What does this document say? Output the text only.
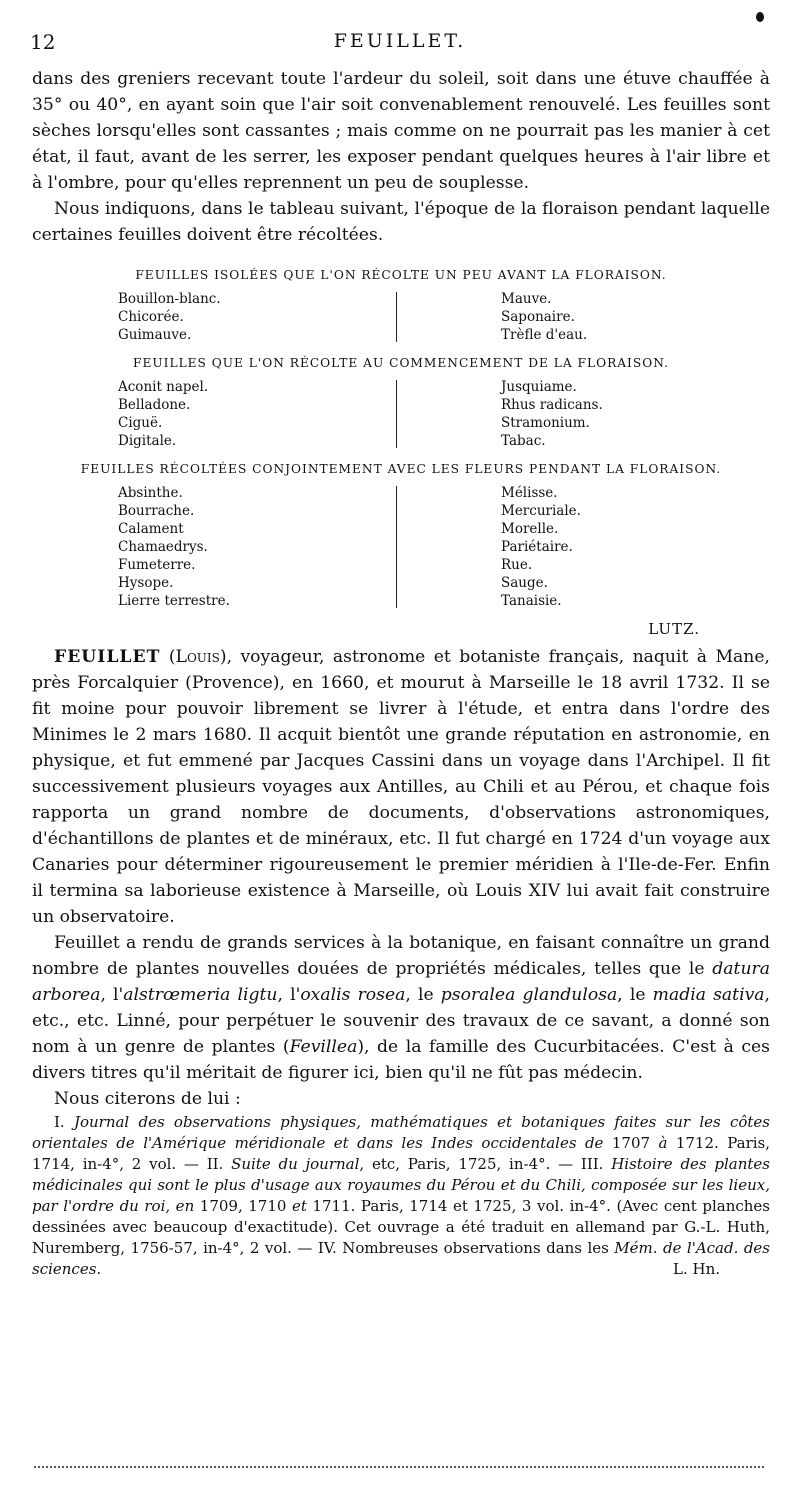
12	FEUILLET.

dans des greniers recevant toute l'ardeur du soleil, soit dans une étuve chauffée à 35° ou 40°, en ayant soin que l'air soit convenablement renouvelé. Les feuilles sont sèches lorsqu'elles sont cassantes ; mais comme on ne pourrait pas les manier à cet état, il faut, avant de les serrer, les exposer pendant quelques heures à l'air libre et à l'ombre, pour qu'elles reprennent un peu de souplesse.

Nous indiquons, dans le tableau suivant, l'époque de la floraison pendant laquelle certaines feuilles doivent être récoltées.

FEUILLES ISOLÉES QUE L'ON RÉCOLTE UN PEU AVANT LA FLORAISON.
Bouillon-blanc.
Chicorée.
Guimauve.
Mauve.
Saponaire.
Trèfle d'eau.
FEUILLES QUE L'ON RÉCOLTE AU COMMENCEMENT DE LA FLORAISON.
Aconit napel.
Belladone.
Ciguë.
Digitale.
Jusquiame.
Rhus radicans.
Stramonium.
Tabac.
FEUILLES RÉCOLTÉES CONJOINTEMENT AVEC LES FLEURS PENDANT LA FLORAISON.
Absinthe.
Bourrache.
Calament
Chamaedrys.
Fumeterre.
Hysope.
Lierre terrestre.
Mélisse.
Mercuriale.
Morelle.
Pariétaire.
Rue.
Sauge.
Tanaisie.
LUTZ.

FEUILLET (Louis), voyageur, astronome et botaniste français, naquit à Mane, près Forcalquier (Provence), en 1660, et mourut à Marseille le 18 avril 1732. Il se fit moine pour pouvoir librement se livrer à l'étude, et entra dans l'ordre des Minimes le 2 mars 1680. Il acquit bientôt une grande réputation en astronomie, en physique, et fut emmené par Jacques Cassini dans un voyage dans l'Archipel. Il fit successivement plusieurs voyages aux Antilles, au Chili et au Pérou, et chaque fois rapporta un grand nombre de documents, d'observations astronomiques, d'échantillons de plantes et de minéraux, etc. Il fut chargé en 1724 d'un voyage aux Canaries pour déterminer rigoureusement le premier méridien à l'Ile-de-Fer. Enfin il termina sa laborieuse existence à Marseille, où Louis XIV lui avait fait construire un observatoire.

Feuillet a rendu de grands services à la botanique, en faisant connaître un grand nombre de plantes nouvelles douées de propriétés médicales, telles que le datura arborea, l'alstrœmeria ligtu, l'oxalis rosea, le psoralea glandulosa, le madia sativa, etc., etc. Linné, pour perpétuer le souvenir des travaux de ce savant, a donné son nom à un genre de plantes (Fevillea), de la famille des Cucurbitacées. C'est à ces divers titres qu'il méritait de figurer ici, bien qu'il ne fût pas médecin.

Nous citerons de lui :

I. Journal des observations physiques, mathématiques et botaniques faites sur les côtes orientales de l'Amérique méridionale et dans les Indes occidentales de 1707 à 1712. Paris, 1714, in-4°, 2 vol. — II. Suite du journal, etc, Paris, 1725, in-4°. — III. Histoire des plantes médicinales qui sont le plus d'usage aux royaumes du Pérou et du Chili, composée sur les lieux, par l'ordre du roi, en 1709, 1710 et 1711. Paris, 1714 et 1725, 3 vol. in-4°. (Avec cent planches dessinées avec beaucoup d'exactitude). Cet ouvrage a été traduit en allemand par G.-L. Huth, Nuremberg, 1756-57, in-4°, 2 vol. — IV. Nombreuses observations dans les Mém. de l'Acad. des sciences.	L. Hn.
